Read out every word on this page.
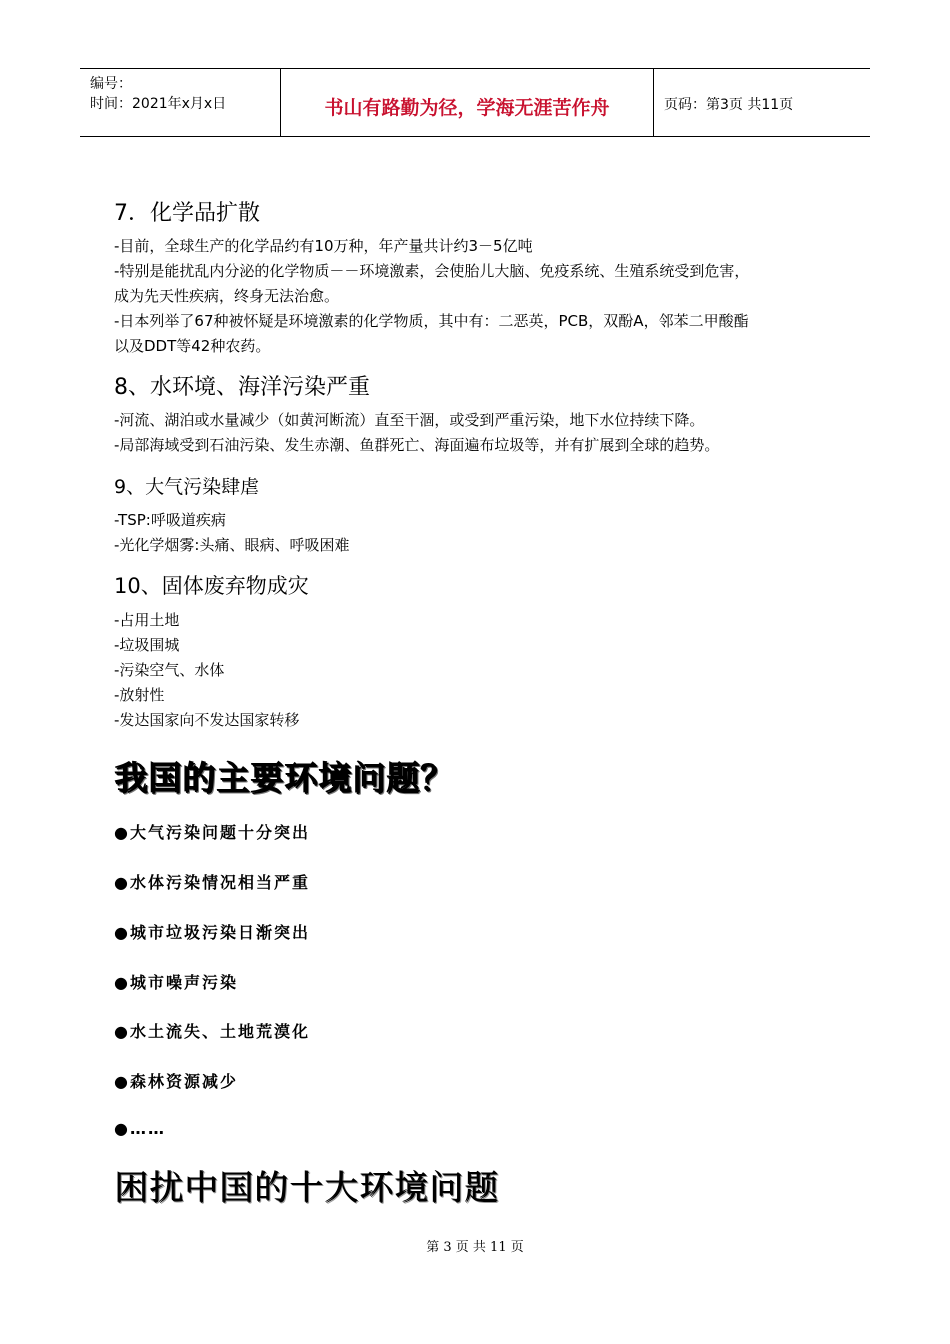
编号：
时间：2021年x月x日	书山有路勤为径，学海无涯苦作舟	页码：第3页 共11页
7．化学品扩散
-目前，全球生产的化学品约有10万种，年产量共计约3－5亿吨
-特别是能扰乱内分泌的化学物质－－环境激素，会使胎儿大脑、免疫系统、生殖系统受到危害，
成为先天性疾病，终身无法治愈。
-日本列举了67种被怀疑是环境激素的化学物质，其中有：二恶英，PCB，双酚A，邻苯二甲酸酯
以及DDT等42种农药。
8、水环境、海洋污染严重
-河流、湖泊或水量减少（如黄河断流）直至干涸，或受到严重污染，地下水位持续下降。
-局部海域受到石油污染、发生赤潮、鱼群死亡、海面遍布垃圾等，并有扩展到全球的趋势。
9、大气污染肆虐
-TSP:呼吸道疾病
-光化学烟雾:头痛、眼病、呼吸困难
10、固体废弃物成灾
-占用土地
-垃圾围城
-污染空气、水体
-放射性
-发达国家向不发达国家转移
我国的主要环境问题？
●大气污染问题十分突出
●水体污染情况相当严重
●城市垃圾污染日渐突出
●城市噪声污染
●水土流失、土地荒漠化
●森林资源减少
●……
困扰中国的十大环境问题
第 3 页 共 11 页
